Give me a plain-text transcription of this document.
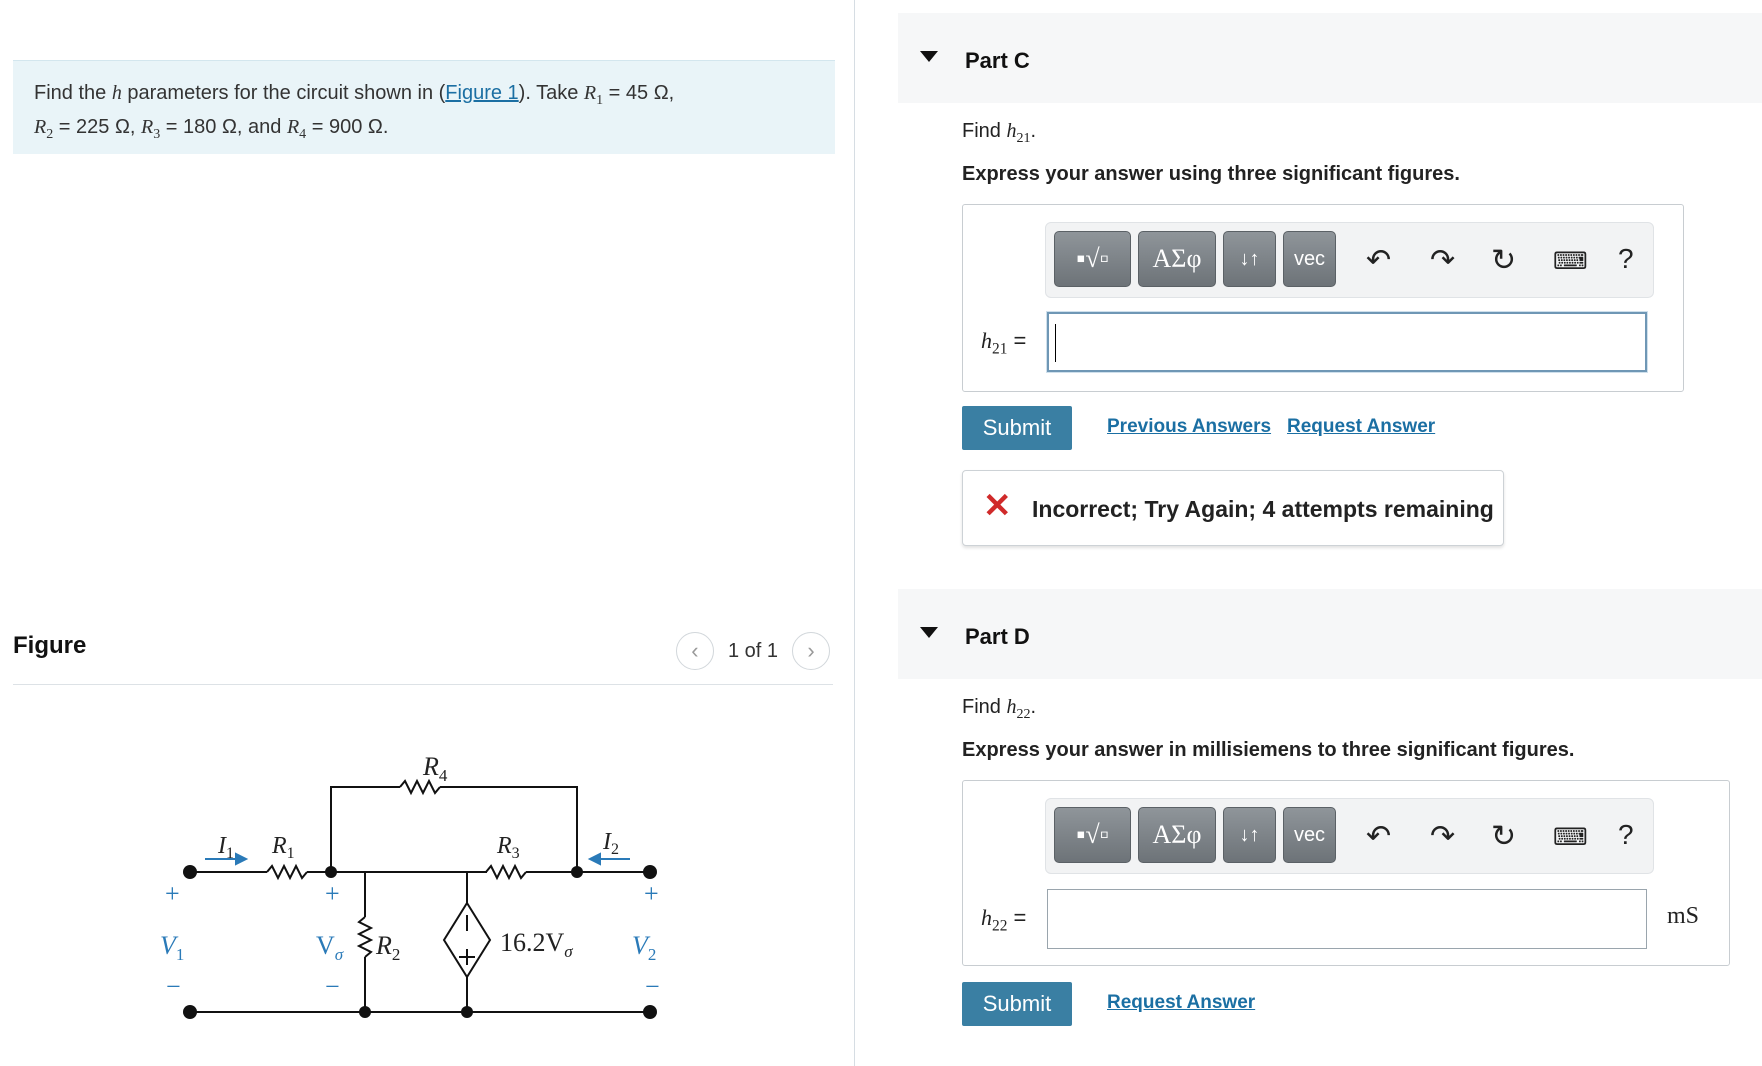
Find the h parameters for the circuit shown in (Figure 1). Take $R_1 = 45$ Ω,
$R_2 = 225$ Ω, $R_3 = 180$ Ω, and $R_4 = 900$ Ω.
Figure	‹	1 of 1	›
$R_4$
$I_1$ $R_1$	$R_3$	$I_2$
+	+	+
$V_1$	$V_\sigma$ $R_2$	$16.2V_\sigma$ $V_2$
−	−	−
Part C
Find $h_{21}$.
Express your answer using three significant figures.
▪√▫	ΑΣφ	↓↑	vec	↶ ↷ ↻ ⌨ ?
$h_{21}$ =
Submit	Previous Answers Request Answer
✕ Incorrect; Try Again; 4 attempts remaining
Part D
Find $h_{22}$.
Express your answer in millisiemens to three significant figures.
▪√▫	ΑΣφ	↓↑	vec	↶ ↷ ↻ ⌨ ?
$h_{22}$ =	mS
Submit	Request Answer
